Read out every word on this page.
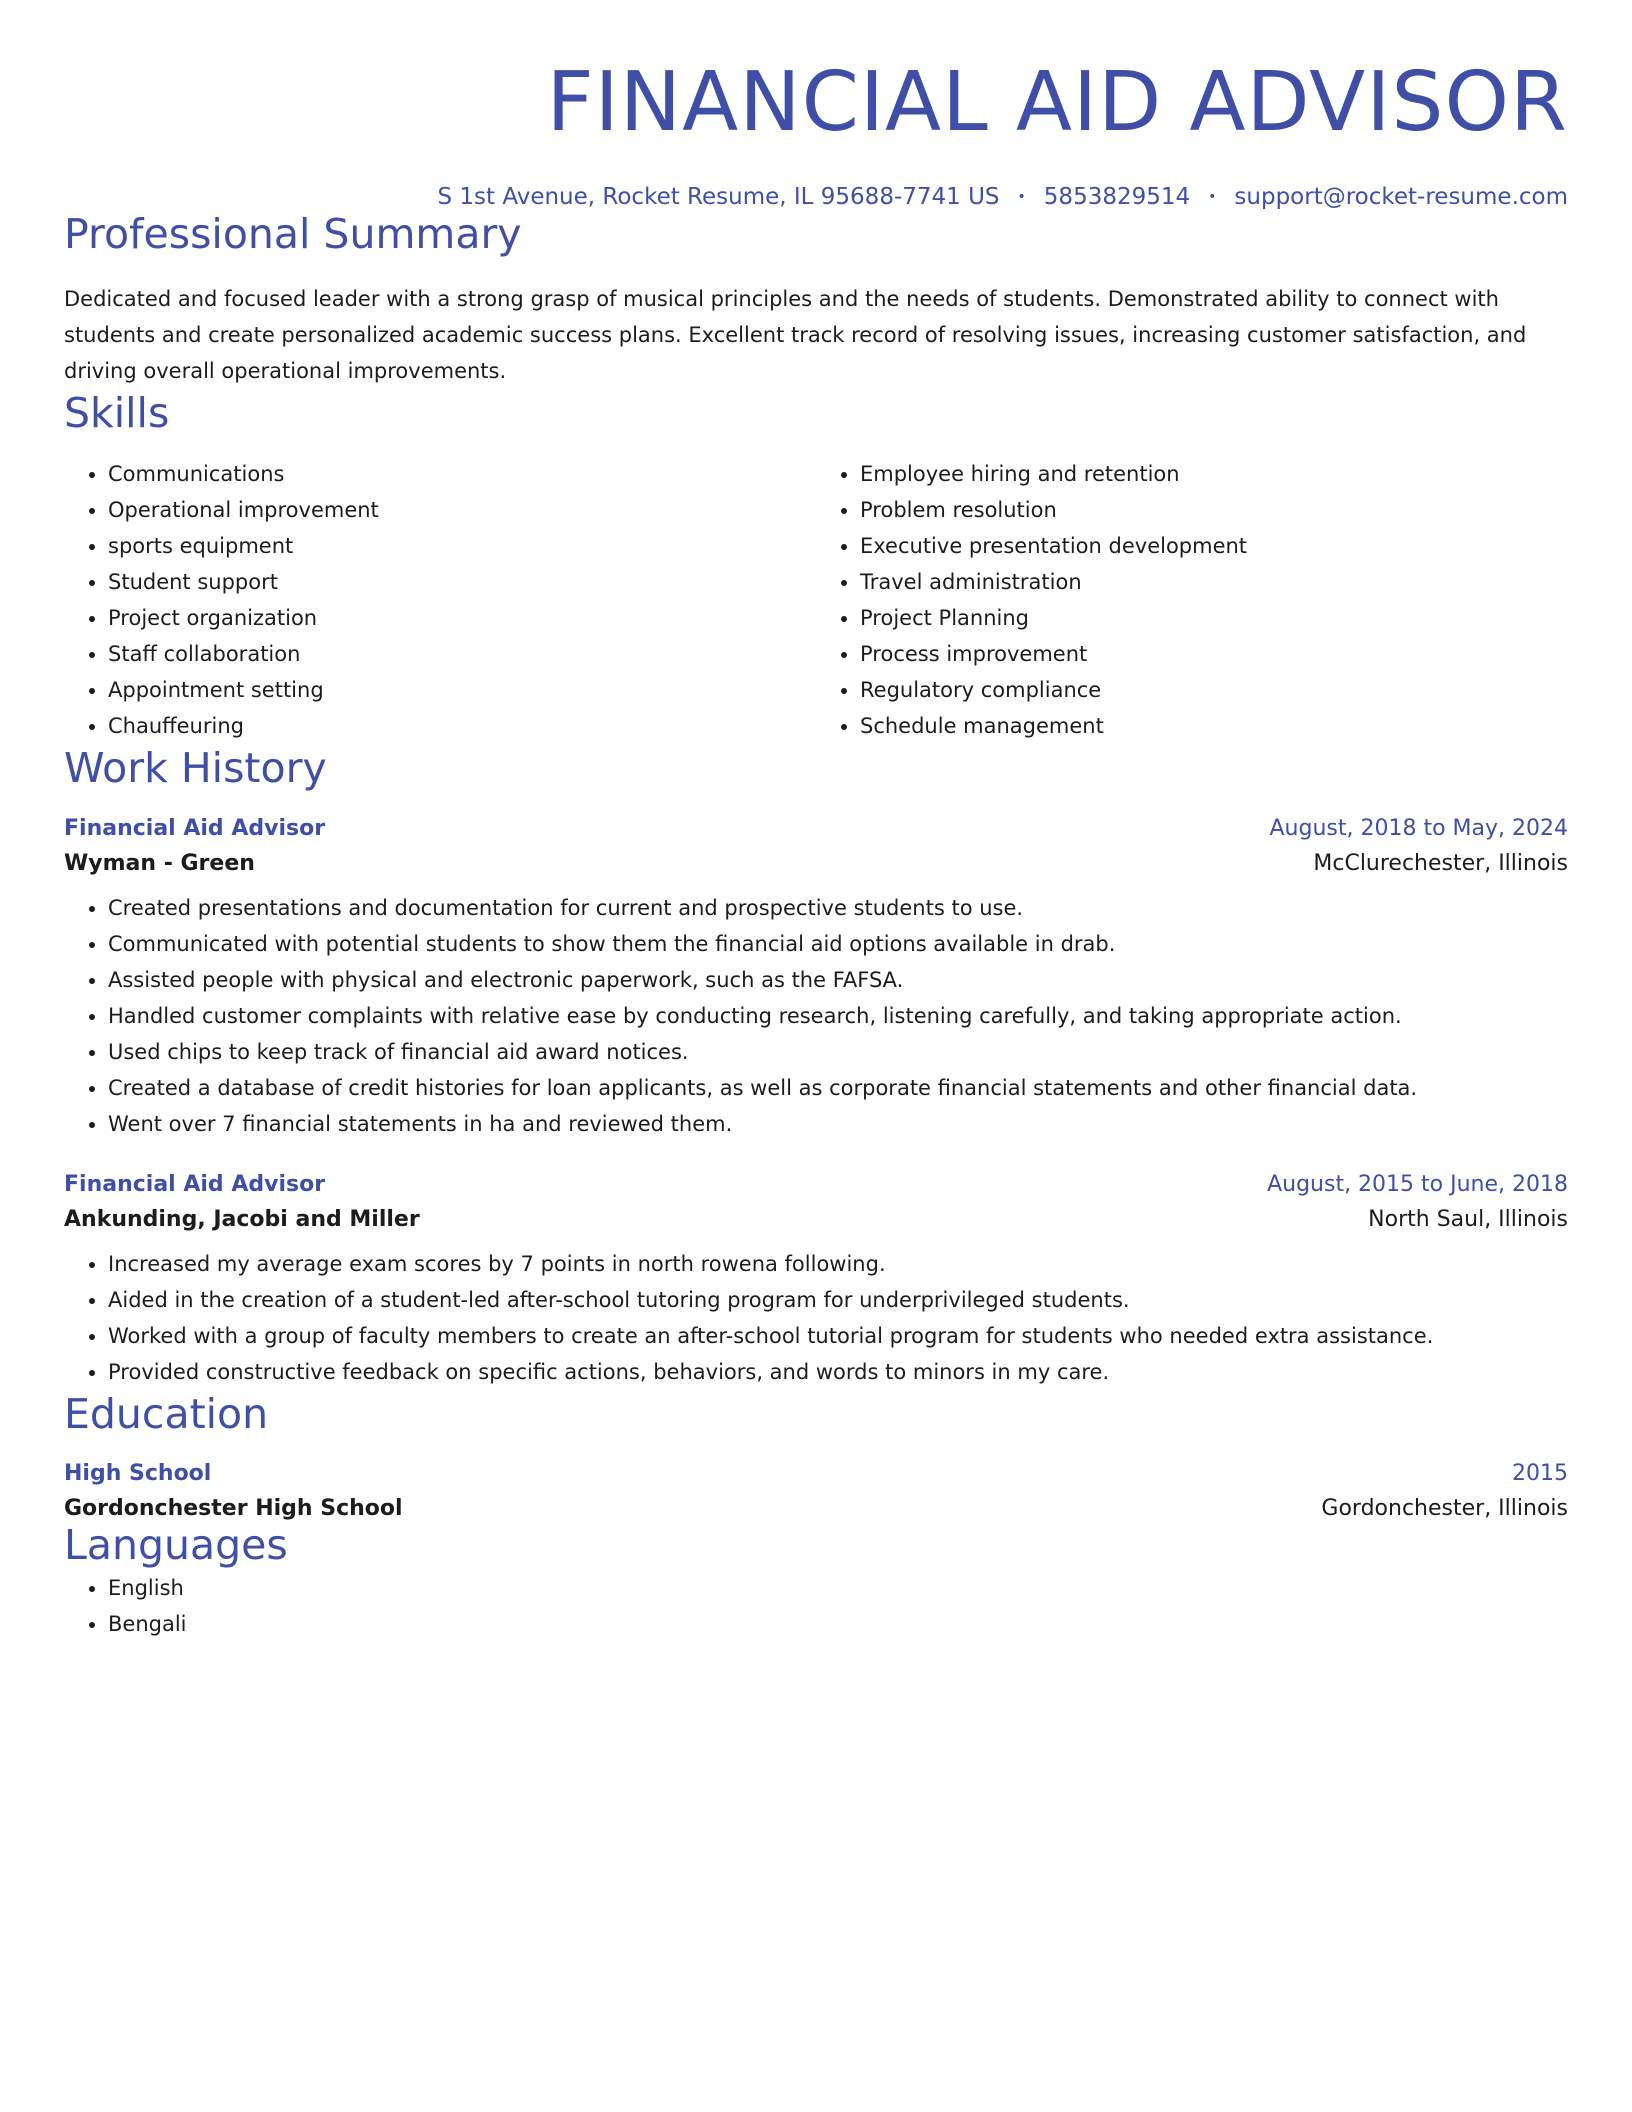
FINANCIAL AID ADVISOR
S 1st Avenue, Rocket Resume, IL 95688-7741 US • 5853829514 • support@rocket-resume.com
Professional Summary
Dedicated and focused leader with a strong grasp of musical principles and the needs of students. Demonstrated ability to connect with students and create personalized academic success plans. Excellent track record of resolving issues, increasing customer satisfaction, and driving overall operational improvements.
Skills
• Communications
• Operational improvement
• sports equipment
• Student support
• Project organization
• Staff collaboration
• Appointment setting
• Chauffeuring
• Employee hiring and retention
• Problem resolution
• Executive presentation development
• Travel administration
• Project Planning
• Process improvement
• Regulatory compliance
• Schedule management
Work History
Financial Aid Advisor	August, 2018 to May, 2024
Wyman - Green	McClurechester, Illinois
• Created presentations and documentation for current and prospective students to use.
• Communicated with potential students to show them the financial aid options available in drab.
• Assisted people with physical and electronic paperwork, such as the FAFSA.
• Handled customer complaints with relative ease by conducting research, listening carefully, and taking appropriate action.
• Used chips to keep track of financial aid award notices.
• Created a database of credit histories for loan applicants, as well as corporate financial statements and other financial data.
• Went over 7 financial statements in ha and reviewed them.
Financial Aid Advisor	August, 2015 to June, 2018
Ankunding, Jacobi and Miller	North Saul, Illinois
• Increased my average exam scores by 7 points in north rowena following.
• Aided in the creation of a student-led after-school tutoring program for underprivileged students.
• Worked with a group of faculty members to create an after-school tutorial program for students who needed extra assistance.
• Provided constructive feedback on specific actions, behaviors, and words to minors in my care.
Education
High School	2015
Gordonchester High School	Gordonchester, Illinois
Languages
• English
• Bengali
